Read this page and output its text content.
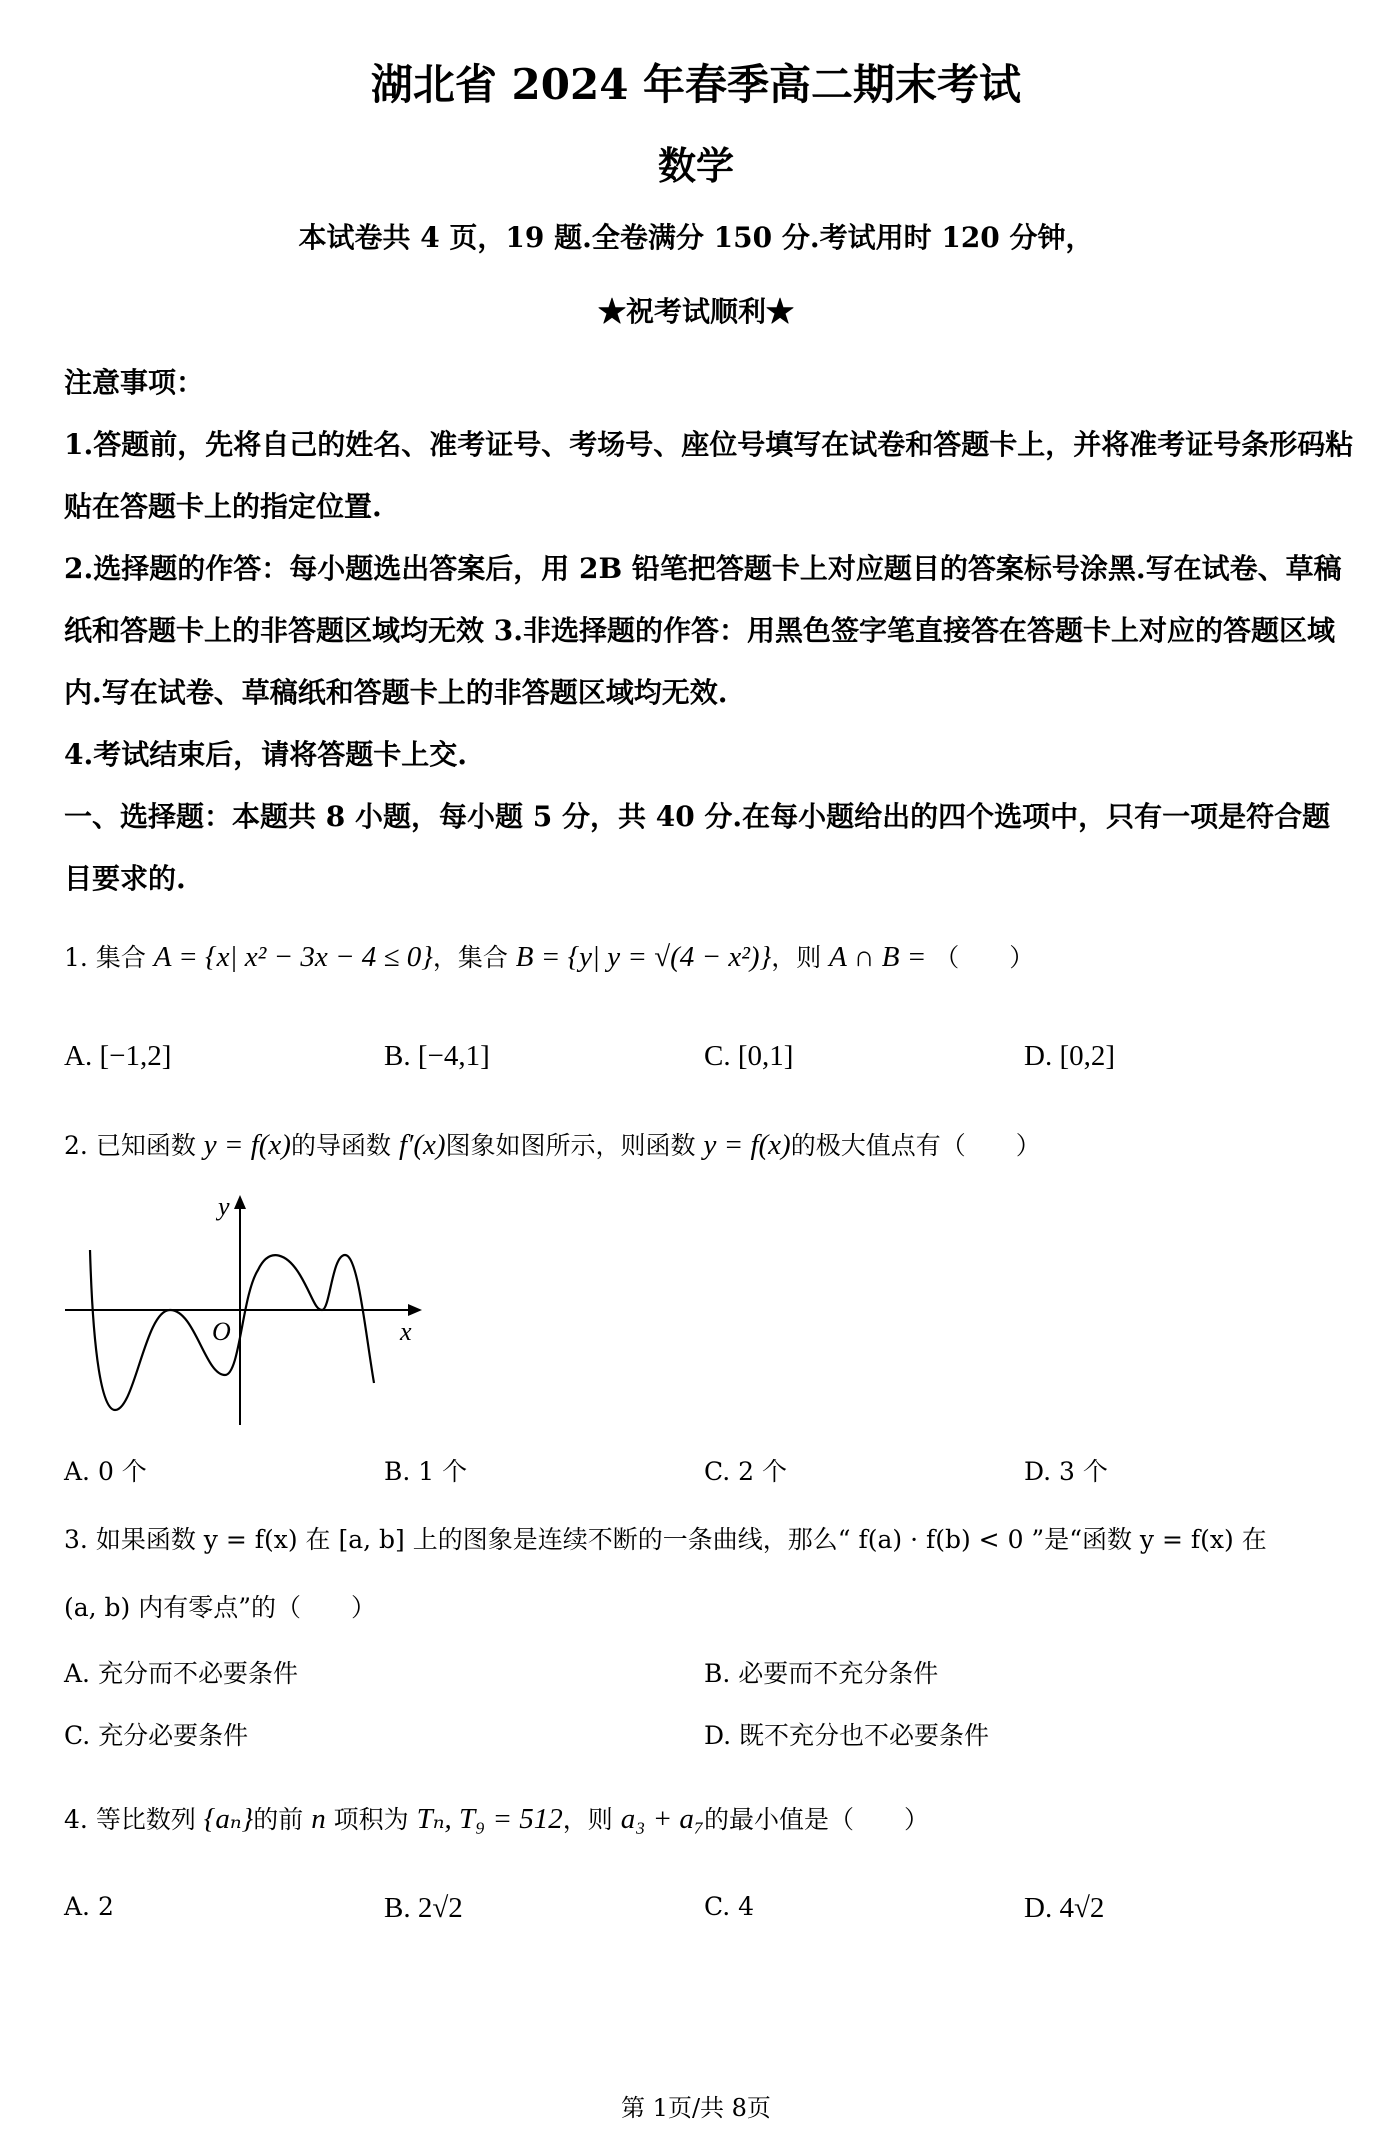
湖北省 2024 年春季高二期末考试
数学
本试卷共 4 页，19 题.全卷满分 150 分.考试用时 120 分钟，
★祝考试顺利★

注意事项：

1.答题前，先将自己的姓名、准考证号、考场号、座位号填写在试卷和答题卡上，并将准考证号条形码粘贴在答题卡上的指定位置.

2.选择题的作答：每小题选出答案后，用 2B 铅笔把答题卡上对应题目的答案标号涂黑.写在试卷、草稿纸和答题卡上的非答题区域均无效 3.非选择题的作答：用黑色签字笔直接答在答题卡上对应的答题区域内.写在试卷、草稿纸和答题卡上的非答题区域均无效.

4.考试结束后，请将答题卡上交.

一、选择题：本题共 8 小题，每小题 5 分，共 40 分.在每小题给出的四个选项中，只有一项是符合题目要求的.

1. 集合 A = {x| x² − 3x − 4 ≤ 0}，集合 B = {y| y = √(4 − x²)}，则 A ∩ B = （　　）
A. [−1,2]	B. [−4,1]	C. [0,1]	D. [0,2]
2. 已知函数 y = f(x)的导函数 f′(x)图象如图所示，则函数 y = f(x)的极大值点有（　　）
y
x
O
A. 0 个	B. 1 个	C. 2 个	D. 3 个
3. 如果函数 y = f(x) 在 [a, b] 上的图象是连续不断的一条曲线，那么“ f(a) · f(b) < 0 ”是“函数 y = f(x) 在
(a, b) 内有零点”的（　　）
A. 充分而不必要条件	B. 必要而不充分条件
C. 充分必要条件	D. 既不充分也不必要条件
4. 等比数列 {aₙ}的前 n 项积为 Tₙ, T₉ = 512，则 a₃ + a₇的最小值是（　　）
A. 2	B. 2√2	C. 4	D. 4√2
第 1页/共 8页
